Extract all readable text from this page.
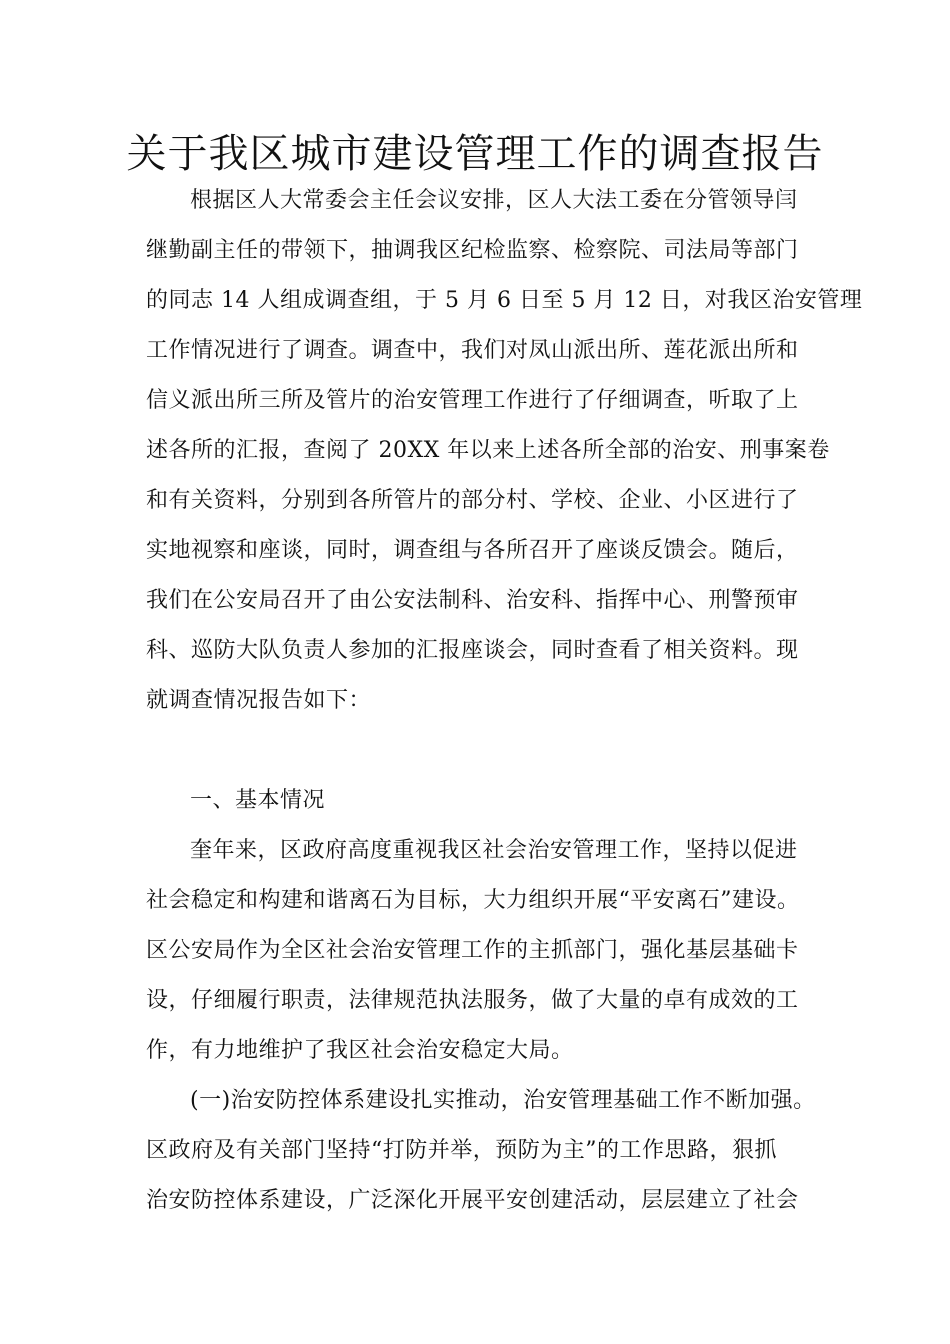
关于我区城市建设管理工作的调查报告

根据区人大常委会主任会议安排，区人大法工委在分管领导闫

继勤副主任的带领下，抽调我区纪检监察、检察院、司法局等部门

的同志 14 人组成调查组，于 5 月 6 日至 5 月 12 日，对我区治安管理

工作情况进行了调查。调查中，我们对凤山派出所、莲花派出所和

信义派出所三所及管片的治安管理工作进行了仔细调查，听取了上

述各所的汇报，查阅了 20XX 年以来上述各所全部的治安、刑事案卷

和有关资料，分别到各所管片的部分村、学校、企业、小区进行了

实地视察和座谈，同时，调查组与各所召开了座谈反馈会。随后，

我们在公安局召开了由公安法制科、治安科、指挥中心、刑警预审

科、巡防大队负责人参加的汇报座谈会，同时查看了相关资料。现

就调查情况报告如下：

一、基本情况

奎年来，区政府高度重视我区社会治安管理工作，坚持以促进

社会稳定和构建和谐离石为目标，大力组织开展“平安离石”建设。

区公安局作为全区社会治安管理工作的主抓部门，强化基层基础卡

设，仔细履行职责，法律规范执法服务，做了大量的卓有成效的工

作，有力地维护了我区社会治安稳定大局。

(一)治安防控体系建设扎实推动，治安管理基础工作不断加强。

区政府及有关部门坚持“打防并举，预防为主”的工作思路，狠抓

治安防控体系建设，广泛深化开展平安创建活动，层层建立了社会
